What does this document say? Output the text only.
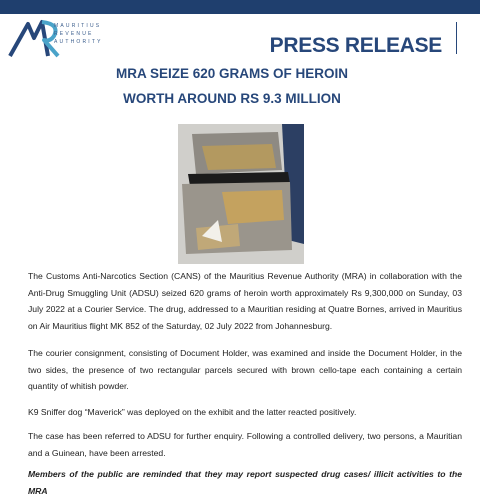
MAURITIUS
REVENUE
AUTHORITY	PRESS RELEASE
MRA SEIZE 620 GRAMS OF HEROIN
WORTH AROUND RS 9.3 MILLION
The Customs Anti-Narcotics Section (CANS) of the Mauritius Revenue Authority (MRA) in collaboration with the Anti-Drug Smuggling Unit (ADSU) seized 620 grams of heroin worth approximately Rs 9,300,000 on Sunday, 03 July 2022 at a Courier Service. The drug, addressed to a Mauritian residing at Quatre Bornes, arrived in Mauritius on Air Mauritius flight MK 852 of the Saturday, 02 July 2022 from Johannesburg.
The courier consignment, consisting of Document Holder, was examined and inside the Document Holder, in the two sides, the presence of two rectangular parcels secured with brown cello-tape each containing a certain quantity of whitish powder.
K9 Sniffer dog “Maverick” was deployed on the exhibit and the latter reacted positively.
The case has been referred to ADSU for further enquiry. Following a controlled delivery, two persons, a Mauritian and a Guinean, have been arrested.
Members of the public are reminded that they may report suspected drug cases/ illicit activities to the MRA
